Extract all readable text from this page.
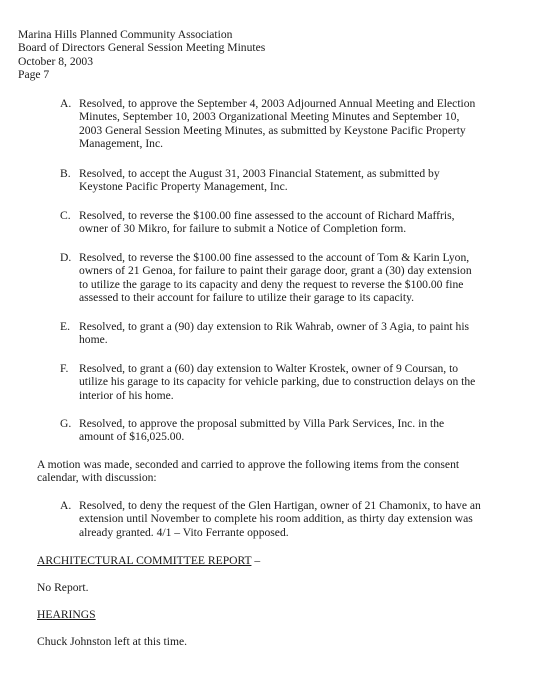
Marina Hills Planned Community Association
Board of Directors General Session Meeting Minutes
October 8, 2003
Page 7
A. Resolved, to approve the September 4, 2003 Adjourned Annual Meeting and Election
Minutes, September 10, 2003 Organizational Meeting Minutes and September 10,
2003 General Session Meeting Minutes, as submitted by Keystone Pacific Property
Management, Inc.
B. Resolved, to accept the August 31, 2003 Financial Statement, as submitted by
Keystone Pacific Property Management, Inc.
C. Resolved, to reverse the $100.00 fine assessed to the account of Richard Maffris,
owner of 30 Mikro, for failure to submit a Notice of Completion form.
D. Resolved, to reverse the $100.00 fine assessed to the account of Tom & Karin Lyon,
owners of 21 Genoa, for failure to paint their garage door, grant a (30) day extension
to utilize the garage to its capacity and deny the request to reverse the $100.00 fine
assessed to their account for failure to utilize their garage to its capacity.
E. Resolved, to grant a (90) day extension to Rik Wahrab, owner of 3 Agia, to paint his
home.
F. Resolved, to grant a (60) day extension to Walter Krostek, owner of 9 Coursan, to
utilize his garage to its capacity for vehicle parking, due to construction delays on the
interior of his home.
G. Resolved, to approve the proposal submitted by Villa Park Services, Inc. in the
amount of $16,025.00.
A motion was made, seconded and carried to approve the following items from the consent
calendar, with discussion:
A. Resolved, to deny the request of the Glen Hartigan, owner of 21 Chamonix, to have an
extension until November to complete his room addition, as thirty day extension was
already granted. 4/1 – Vito Ferrante opposed.
ARCHITECTURAL COMMITTEE REPORT –
No Report.
HEARINGS
Chuck Johnston left at this time.
